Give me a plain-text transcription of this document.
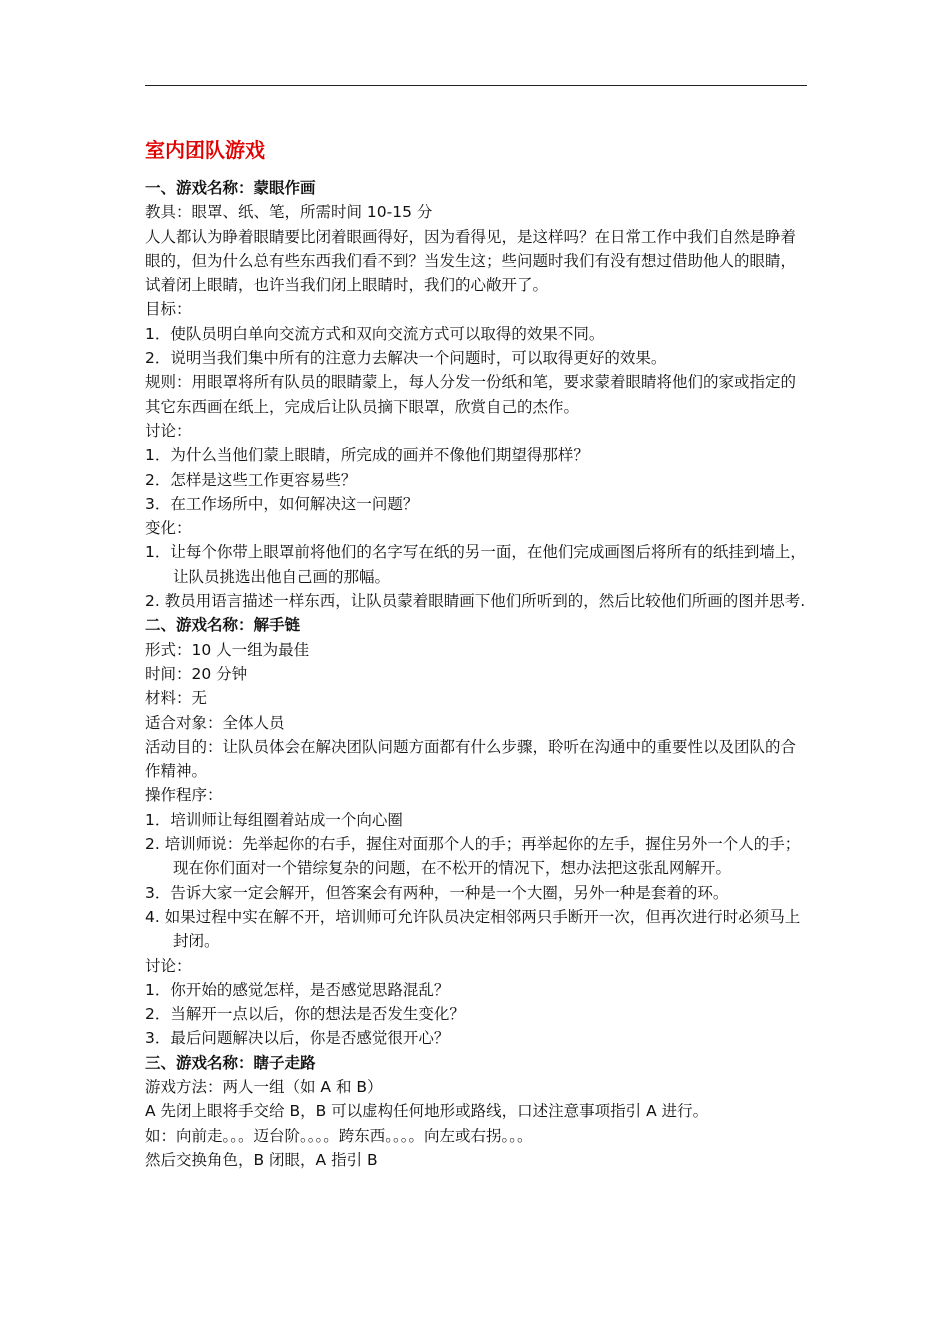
室内团队游戏

一、游戏名称：蒙眼作画

教具：眼罩、纸、笔，所需时间 10-15 分

人人都认为睁着眼睛要比闭着眼画得好，因为看得见，是这样吗？在日常工作中我们自然是睁着眼的，但为什么总有些东西我们看不到？当发生这；些问题时我们有没有想过借助他人的眼睛，试着闭上眼睛，也许当我们闭上眼睛时，我们的心敞开了。

目标：

1．使队员明白单向交流方式和双向交流方式可以取得的效果不同。

2．说明当我们集中所有的注意力去解决一个问题时，可以取得更好的效果。

规则：用眼罩将所有队员的眼睛蒙上，每人分发一份纸和笔，要求蒙着眼睛将他们的家或指定的其它东西画在纸上，完成后让队员摘下眼罩，欣赏自己的杰作。

讨论：

1．为什么当他们蒙上眼睛，所完成的画并不像他们期望得那样？

2．怎样是这些工作更容易些？

3．在工作场所中，如何解决这一问题？

变化：

1．让每个你带上眼罩前将他们的名字写在纸的另一面，在他们完成画图后将所有的纸挂到墙上，让队员挑选出他自己画的那幅。

2. 教员用语言描述一样东西，让队员蒙着眼睛画下他们所听到的，然后比较他们所画的图并思考.

二、游戏名称：解手链

形式：10 人一组为最佳

时间：20 分钟

材料：无

适合对象：全体人员

活动目的：让队员体会在解决团队问题方面都有什么步骤，聆听在沟通中的重要性以及团队的合作精神。

操作程序：

1．培训师让每组圈着站成一个向心圈

2. 培训师说：先举起你的右手，握住对面那个人的手；再举起你的左手，握住另外一个人的手；现在你们面对一个错综复杂的问题，在不松开的情况下，想办法把这张乱网解开。

3．告诉大家一定会解开，但答案会有两种，一种是一个大圈，另外一种是套着的环。

4. 如果过程中实在解不开，培训师可允许队员决定相邻两只手断开一次，但再次进行时必须马上封闭。

讨论：

1．你开始的感觉怎样，是否感觉思路混乱？

2．当解开一点以后，你的想法是否发生变化？

3．最后问题解决以后，你是否感觉很开心？

三、游戏名称：瞎子走路

游戏方法：两人一组（如 A 和 B）

A 先闭上眼将手交给 B，B 可以虚构任何地形或路线，口述注意事项指引 A 进行。

如：向前走。。。迈台阶。。。。跨东西。。。。向左或右拐。。。

然后交换角色，B 闭眼，A 指引 B
